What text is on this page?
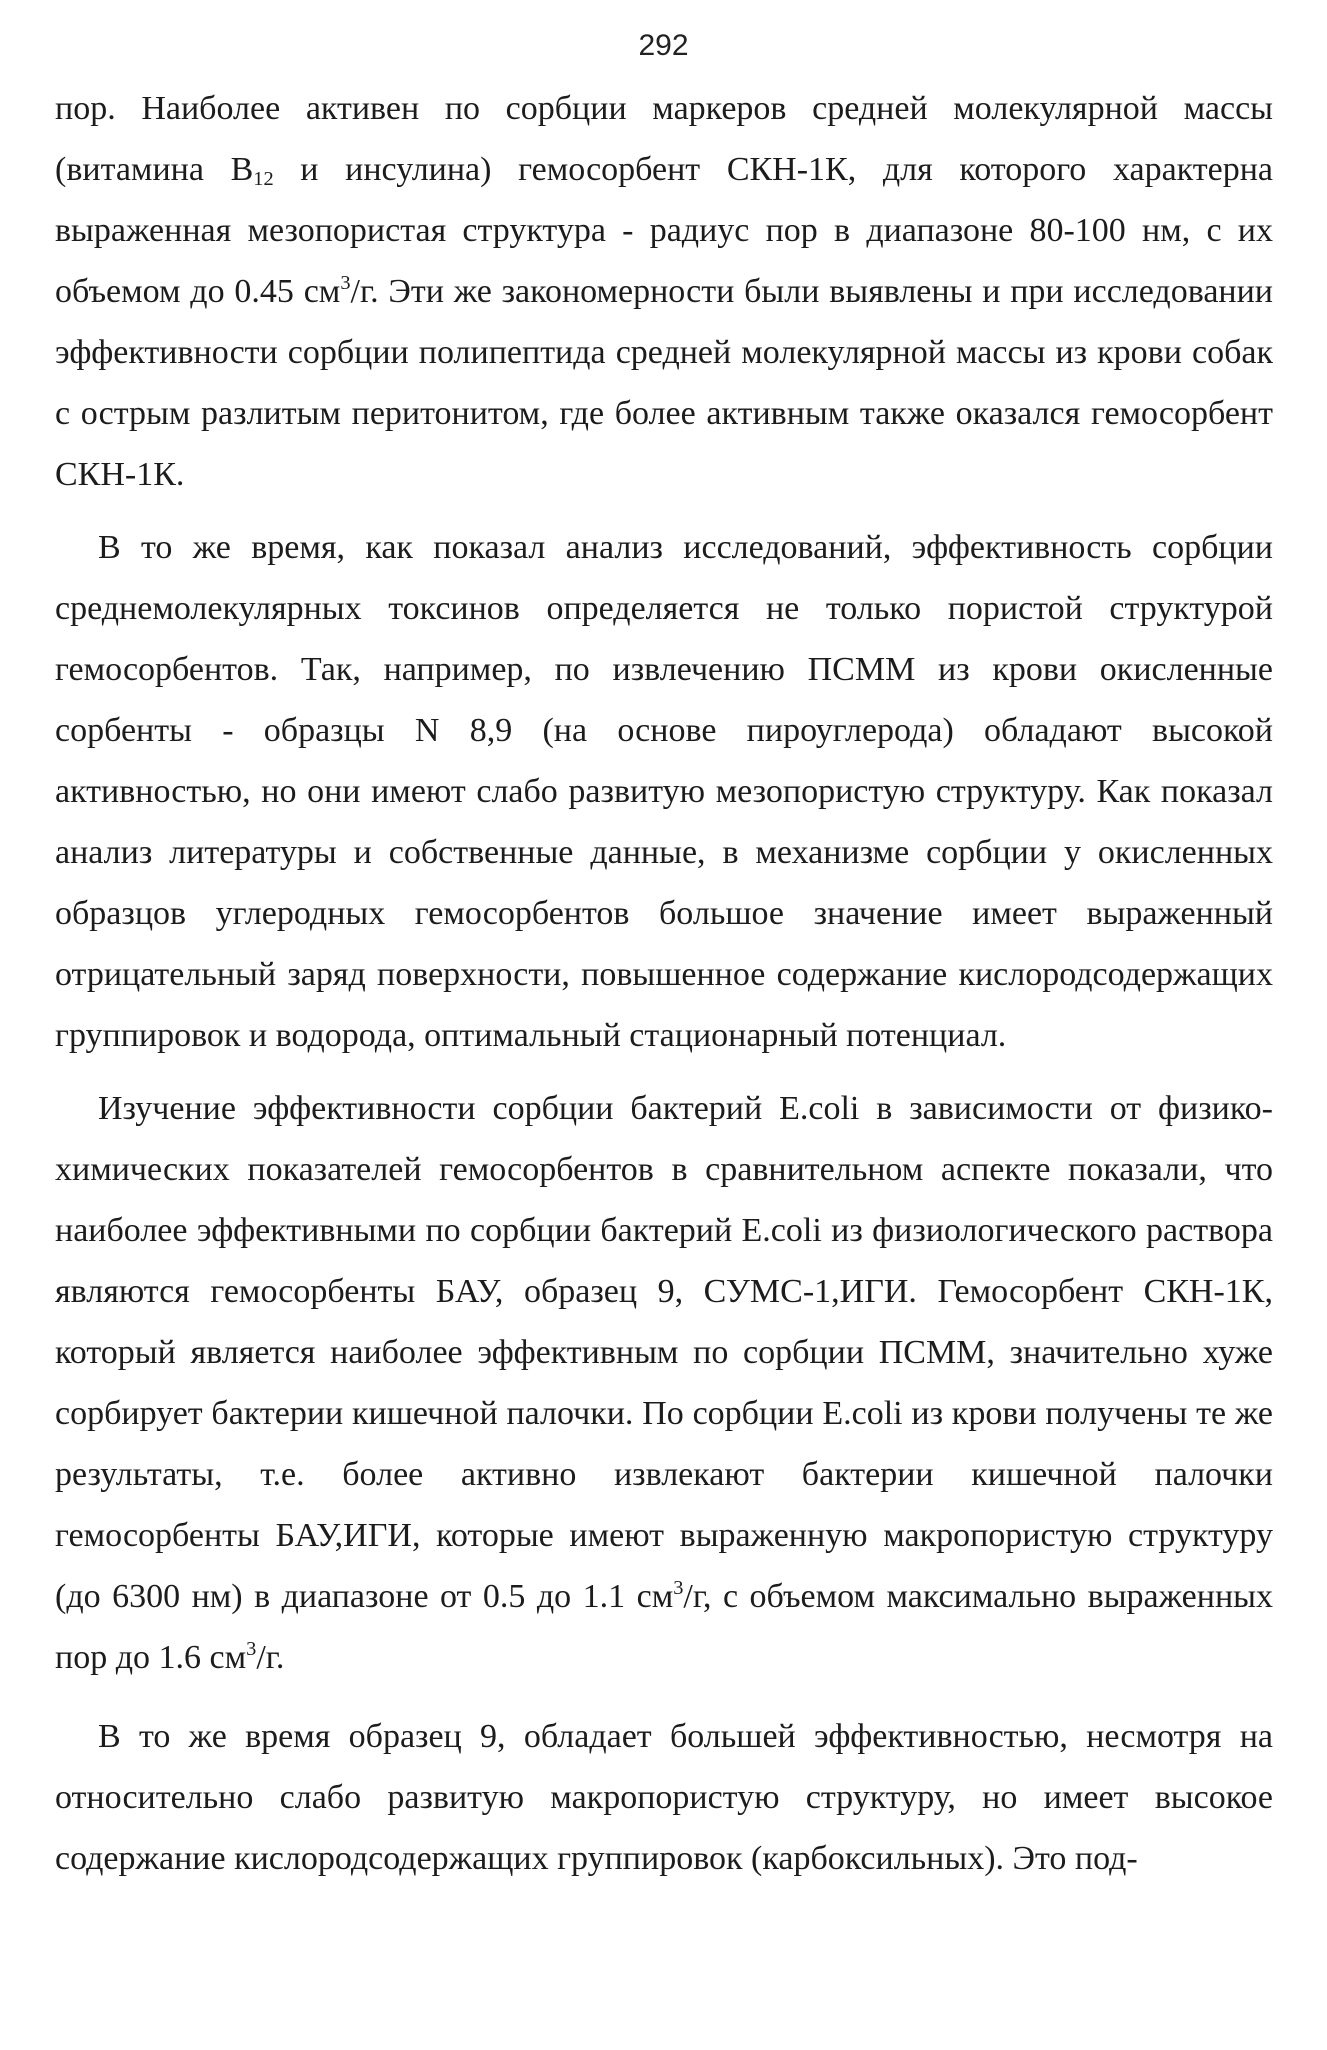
292

пор. Наиболее активен по сорбции маркеров средней молекулярной массы (витамина $В_{12}$ и инсулина) гемосорбент СКН-1К, для которого характерна выраженная мезопористая структура - радиус пор в диапазоне 80-100 нм, с их объемом до 0.45 $см^3/г$. Эти же закономерности были выявлены и при исследовании эффективности сорбции полипептида средней молекулярной массы из крови собак с острым разлитым перитонитом, где более активным также оказался гемосорбент СКН-1К.

В то же время, как показал анализ исследований, эффективность сорбции среднемолекулярных токсинов определяется не только пористой структурой гемосорбентов. Так, например, по извлечению ПСММ из крови окисленные сорбенты - образцы N 8,9 (на основе пироуглерода) обладают высокой активностью, но они имеют слабо развитую мезопористую структуру. Как показал анализ литературы и собственные данные, в механизме сорбции у окисленных образцов углеродных гемосорбентов большое значение имеет выраженный отрицательный заряд поверхности, повышенное содержание кислородсодержащих группировок и водорода, оптимальный стационарный потенциал.

Изучение эффективности сорбции бактерий E.coli в зависимости от физико-химических показателей гемосорбентов в сравнительном аспекте показали, что наиболее эффективными по сорбции бактерий E.coli из физиологического раствора являются гемосорбенты БАУ, образец 9, СУМС-1,ИГИ. Гемосорбент СКН-1К, который является наиболее эффективным по сорбции ПСММ, значительно хуже сорбирует бактерии кишечной палочки. По сорбции E.coli из крови получены те же результаты, т.е. более активно извлекают бактерии кишечной палочки гемосорбенты БАУ,ИГИ, которые имеют выраженную макропористую структуру (до 6300 нм) в диапазоне от 0.5 до 1.1 $см^3/г$, с объемом максимально выраженных пор до 1.6 $см^3/г$.

В то же время образец 9, обладает большей эффективностью, несмотря на относительно слабо развитую макропористую структуру, но имеет высокое содержание кислородсодержащих группировок (карбоксильных). Это под-
